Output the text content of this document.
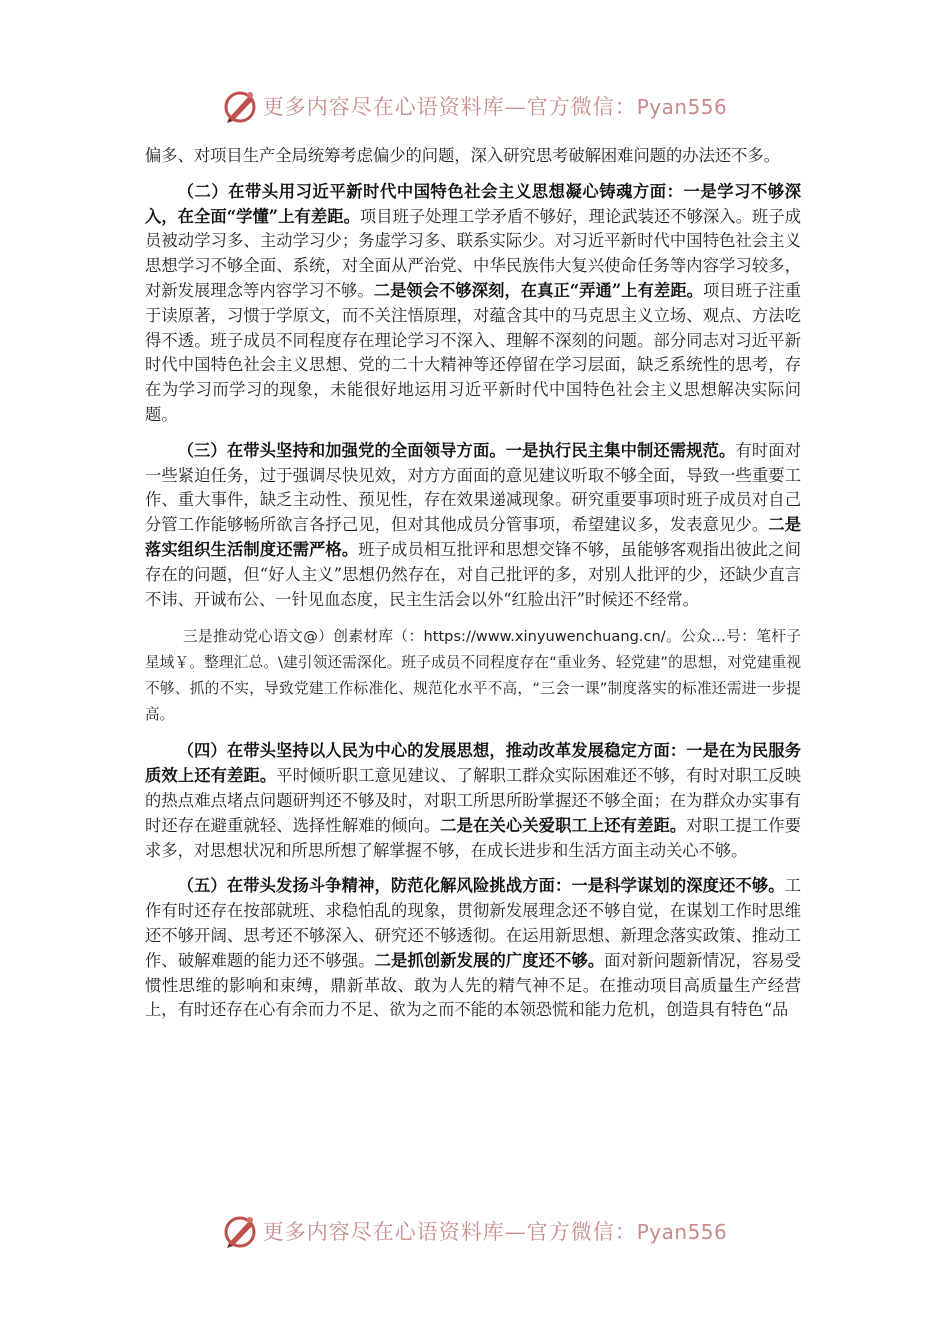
更多内容尽在心语资料库—官方微信：Pyan556

偏多、对项目生产全局统筹考虑偏少的问题，深入研究思考破解困难问题的办法还不多。

（二）在带头用习近平新时代中国特色社会主义思想凝心铸魂方面：一是学习不够深入，在全面“学懂”上有差距。项目班子处理工学矛盾不够好，理论武装还不够深入。班子成员被动学习多、主动学习少；务虚学习多、联系实际少。对习近平新时代中国特色社会主义思想学习不够全面、系统，对全面从严治党、中华民族伟大复兴使命任务等内容学习较多，对新发展理念等内容学习不够。二是领会不够深刻，在真正“弄通”上有差距。项目班子注重于读原著，习惯于学原文，而不关注悟原理，对蕴含其中的马克思主义立场、观点、方法吃得不透。班子成员不同程度存在理论学习不深入、理解不深刻的问题。部分同志对习近平新时代中国特色社会主义思想、党的二十大精神等还停留在学习层面，缺乏系统性的思考，存在为学习而学习的现象，未能很好地运用习近平新时代中国特色社会主义思想解决实际问题。

（三）在带头坚持和加强党的全面领导方面。一是执行民主集中制还需规范。有时面对一些紧迫任务，过于强调尽快见效，对方方面面的意见建议听取不够全面，导致一些重要工作、重大事件，缺乏主动性、预见性，存在效果递减现象。研究重要事项时班子成员对自己分管工作能够畅所欲言各抒己见，但对其他成员分管事项，希望建议多，发表意见少。二是落实组织生活制度还需严格。班子成员相互批评和思想交锋不够，虽能够客观指出彼此之间存在的问题，但“好人主义”思想仍然存在，对自己批评的多，对别人批评的少，还缺少直言不讳、开诚布公、一针见血态度，民主生活会以外“红脸出汗”时候还不经常。

三是推动党心语文@）创素材库（：https://www.xinyuwenchuang.cn/。公众…号：笔杆子星域￥。整理汇总。\建引领还需深化。班子成员不同程度存在“重业务、轻党建”的思想，对党建重视不够、抓的不实，导致党建工作标准化、规范化水平不高，“三会一课”制度落实的标准还需进一步提高。

（四）在带头坚持以人民为中心的发展思想，推动改革发展稳定方面：一是在为民服务质效上还有差距。平时倾听职工意见建议、了解职工群众实际困难还不够，有时对职工反映的热点难点堵点问题研判还不够及时，对职工所思所盼掌握还不够全面；在为群众办实事有时还存在避重就轻、选择性解难的倾向。二是在关心关爱职工上还有差距。对职工提工作要求多，对思想状况和所思所想了解掌握不够，在成长进步和生活方面主动关心不够。

（五）在带头发扬斗争精神，防范化解风险挑战方面：一是科学谋划的深度还不够。工作有时还存在按部就班、求稳怕乱的现象，贯彻新发展理念还不够自觉，在谋划工作时思维还不够开阔、思考还不够深入、研究还不够透彻。在运用新思想、新理念落实政策、推动工作、破解难题的能力还不够强。二是抓创新发展的广度还不够。面对新问题新情况，容易受惯性思维的影响和束缚，鼎新革故、敢为人先的精气神不足。在推动项目高质量生产经营上，有时还存在心有余而力不足、欲为之而不能的本领恐慌和能力危机，创造具有特色“品

更多内容尽在心语资料库—官方微信：Pyan556
